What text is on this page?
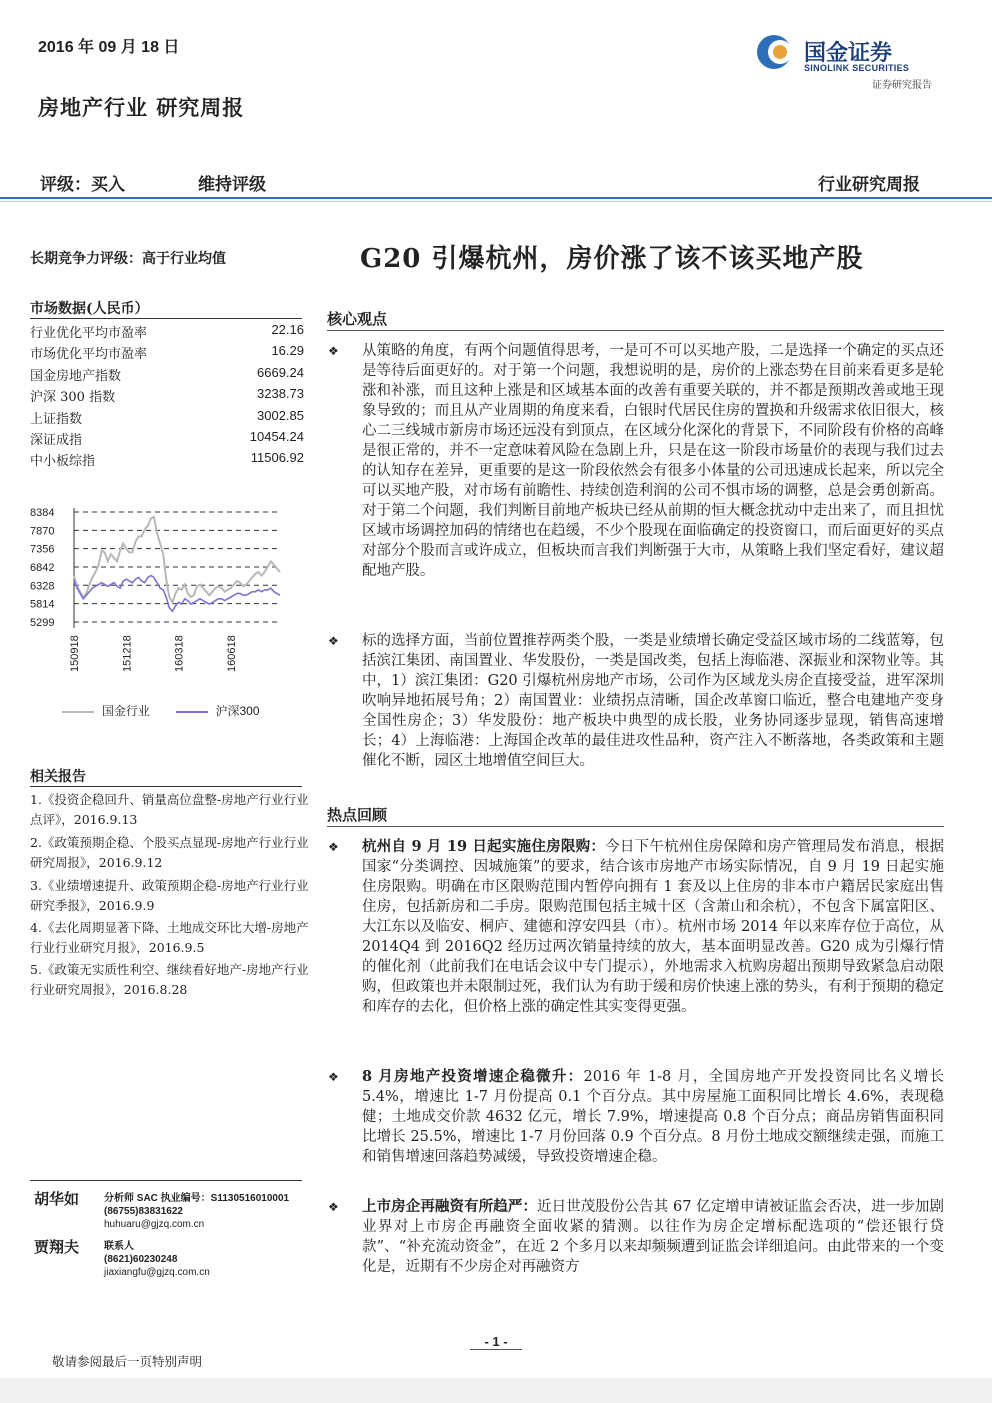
2016 年 09 月 18 日	国金证券
SINOLINK SECURITIES
证券研究报告
房地产行业 研究周报
评级：买入	维持评级	行业研究周报
G20 引爆杭州，房价涨了该不该买地产股
长期竞争力评级：高于行业均值
市场数据(人民币）
行业优化平均市盈率	22.16
市场优化平均市盈率	16.29
国金房地产指数	6669.24
沪深 300 指数	3238.73
上证指数	3002.85
深证成指	10454.24
中小板综指	11506.92
8384
7870
7356
6842
6328
5814
5299
150918	151218	160318	160618
国金行业	沪深300
相关报告
1.《投资企稳回升、销量高位盘整-房地产行业行业点评》，2016.9.13
2.《政策预期企稳、个股买点显现-房地产行业行业研究周报》，2016.9.12
3.《业绩增速提升、政策预期企稳-房地产行业行业研究季报》，2016.9.9
4.《去化周期显著下降、土地成交环比大增-房地产行业行业研究月报》，2016.9.5
5.《政策无实质性利空、继续看好地产-房地产行业行业研究周报》，2016.8.28
胡华如 分析师 SAC 执业编号：S1130516010001
(86755)83831622
huhuaru@gjzq.com.cn
贾翔夫 联系人
(8621)60230248
jiaxiangfu@gjzq.com.cn
核心观点
❖ 从策略的角度，有两个问题值得思考，一是可不可以买地产股，二是选择一个确定的买点还是等待后面更好的。对于第一个问题，我想说明的是，房价的上涨态势在目前来看更多是轮涨和补涨，而且这种上涨是和区域基本面的改善有重要关联的，并不都是预期改善或地王现象导致的；而且从产业周期的角度来看，白银时代居民住房的置换和升级需求依旧很大，核心二三线城市新房市场还远没有到顶点，在区域分化深化的背景下，不同阶段有价格的高峰是很正常的，并不一定意味着风险在急剧上升，只是在这一阶段市场量价的表现与我们过去的认知存在差异，更重要的是这一阶段依然会有很多小体量的公司迅速成长起来，所以完全可以买地产股，对市场有前瞻性、持续创造利润的公司不惧市场的调整，总是会勇创新高。对于第二个问题，我们判断目前地产板块已经从前期的恒大概念扰动中走出来了，而且担忧区域市场调控加码的情绪也在趋缓，不少个股现在面临确定的投资窗口，而后面更好的买点对部分个股而言或许成立，但板块而言我们判断强于大市，从策略上我们坚定看好，建议超配地产股。
❖ 标的选择方面，当前位置推荐两类个股，一类是业绩增长确定受益区域市场的二线蓝筹，包括滨江集团、南国置业、华发股份，一类是国改类，包括上海临港、深振业和深物业等。其中，1）滨江集团：G20 引爆杭州房地产市场，公司作为区域龙头房企直接受益，进军深圳吹响异地拓展号角；2）南国置业：业绩拐点清晰，国企改革窗口临近，整合电建地产变身全国性房企；3）华发股份：地产板块中典型的成长股，业务协同逐步显现，销售高速增长；4）上海临港：上海国企改革的最佳进攻性品种，资产注入不断落地，各类政策和主题催化不断，园区土地增值空间巨大。
热点回顾
❖ 杭州自 9 月 19 日起实施住房限购：今日下午杭州住房保障和房产管理局发布消息，根据国家“分类调控、因城施策”的要求，结合该市房地产市场实际情况，自 9 月 19 日起实施住房限购。明确在市区限购范围内暂停向拥有 1 套及以上住房的非本市户籍居民家庭出售住房，包括新房和二手房。限购范围包括主城十区（含萧山和余杭），不包含下属富阳区、大江东以及临安、桐庐、建德和淳安四县（市）。杭州市场 2014 年以来库存位于高位，从 2014Q4 到 2016Q2 经历过两次销量持续的放大，基本面明显改善。G20 成为引爆行情的催化剂（此前我们在电话会议中专门提示），外地需求入杭购房超出预期导致紧急启动限购，但政策也并未限制过死，我们认为有助于缓和房价快速上涨的势头，有利于预期的稳定和库存的去化，但价格上涨的确定性其实变得更强。
❖ 8 月房地产投资增速企稳微升：2016 年 1-8 月，全国房地产开发投资同比名义增长 5.4%，增速比 1-7 月份提高 0.1 个百分点。其中房屋施工面积同比增长 4.6%，表现稳健；土地成交价款 4632 亿元，增长 7.9%，增速提高 0.8 个百分点；商品房销售面积同比增长 25.5%，增速比 1-7 月份回落 0.9 个百分点。8 月份土地成交额继续走强，而施工和销售增速回落趋势减缓，导致投资增速企稳。
❖ 上市房企再融资有所趋严：近日世茂股份公告其 67 亿定增申请被证监会否决，进一步加剧业界对上市房企再融资全面收紧的猜测。以往作为房企定增标配选项的“偿还银行贷款”、“补充流动资金”，在近 2 个多月以来却频频遭到证监会详细追问。由此带来的一个变化是，近期有不少房企对再融资方
- 1 -
敬请参阅最后一页特别声明
